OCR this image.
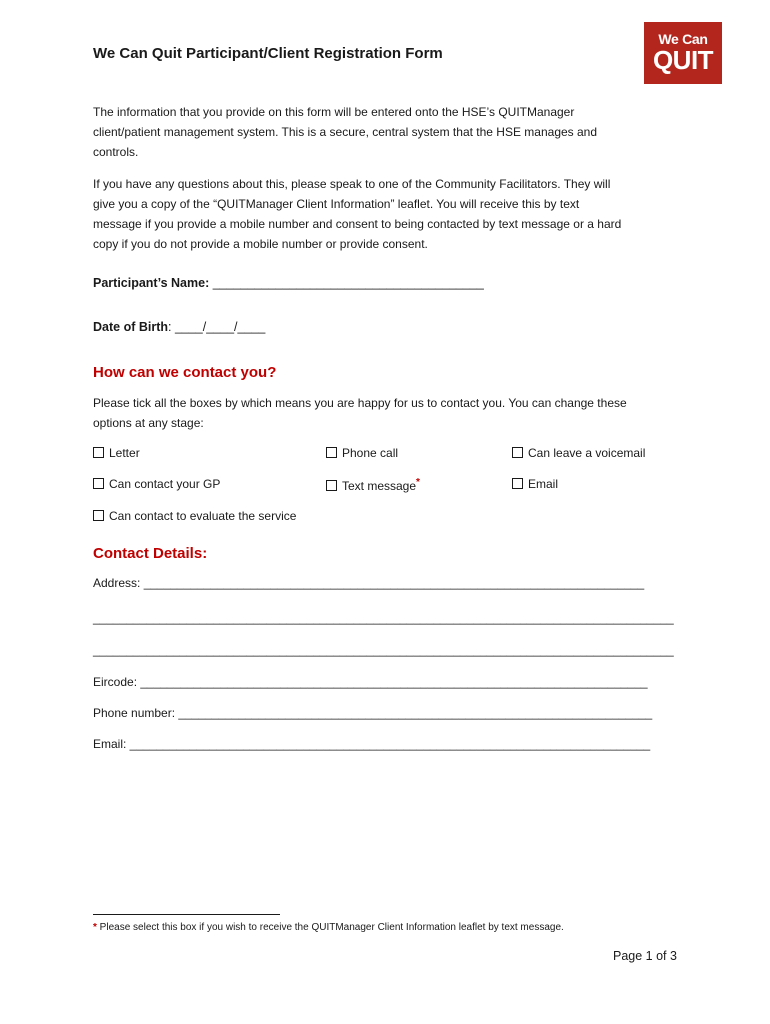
We Can
QUIT
We Can Quit Participant/Client Registration Form

The information that you provide on this form will be entered onto the HSE’s QUITManager
client/patient management system. This is a secure, central system that the HSE manages and
controls.

If you have any questions about this, please speak to one of the Community Facilitators. They will
give you a copy of the “QUITManager Client Information” leaflet. You will receive this by text
message if you provide a mobile number and consent to being contacted by text message or a hard
copy if you do not provide a mobile number or provide consent.

Participant’s Name: _______________________________________
Date of Birth: ____/____/____
How can we contact you?

Please tick all the boxes by which means you are happy for us to contact you. You can change these
options at any stage:

Letter	Phone call	Can leave a voicemail
Can contact your GP	Text message*	Email
Can contact to evaluate the service
Contact Details:
Address: ___________________________________________________________________________
_______________________________________________________________________________________
_______________________________________________________________________________________
Eircode: ____________________________________________________________________________
Phone number: _______________________________________________________________________
Email: ______________________________________________________________________________
* Please select this box if you wish to receive the QUITManager Client Information leaflet by text message.
Page 1 of 3
